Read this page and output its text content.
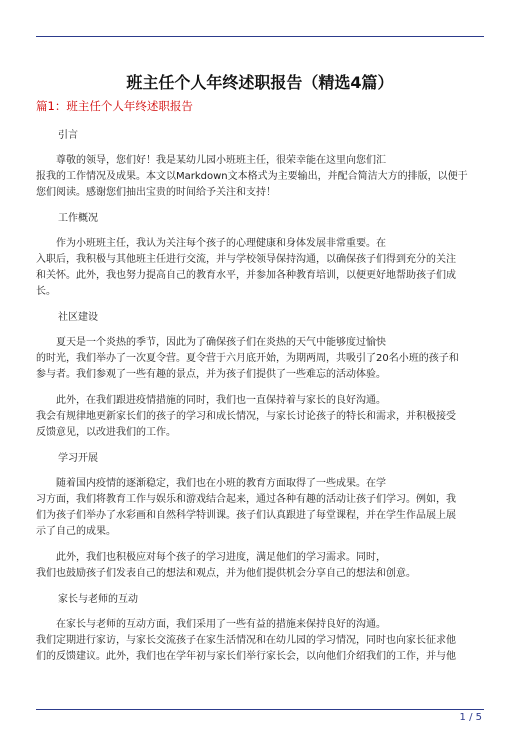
班主任个人年终述职报告（精选4篇）
篇1：班主任个人年终述职报告
引言
尊敬的领导，您们好！我是某幼儿园小班班主任，很荣幸能在这里向您们汇
报我的工作情况及成果。本文以Markdown文本格式为主要输出，并配合简洁大方的排版，以便于
您们阅读。感谢您们抽出宝贵的时间给予关注和支持！
工作概况
作为小班班主任，我认为关注每个孩子的心理健康和身体发展非常重要。在
入职后，我积极与其他班主任进行交流，并与学校领导保持沟通，以确保孩子们得到充分的关注
和关怀。此外，我也努力提高自己的教育水平，并参加各种教育培训，以便更好地帮助孩子们成
长。
社区建设
夏天是一个炎热的季节，因此为了确保孩子们在炎热的天气中能够度过愉快
的时光，我们举办了一次夏令营。夏令营于六月底开始，为期两周，共吸引了20名小班的孩子和
参与者。我们参观了一些有趣的景点，并为孩子们提供了一些难忘的活动体验。
此外，在我们跟进疫情措施的同时，我们也一直保持着与家长的良好沟通。
我会有规律地更新家长们的孩子的学习和成长情况，与家长讨论孩子的特长和需求，并积极接受
反馈意见，以改进我们的工作。
学习开展
随着国内疫情的逐渐稳定，我们也在小班的教育方面取得了一些成果。在学
习方面，我们将教育工作与娱乐和游戏结合起来，通过各种有趣的活动让孩子们学习。例如，我
们为孩子们举办了水彩画和自然科学特训课。孩子们认真跟进了每堂课程，并在学生作品展上展
示了自己的成果。
此外，我们也积极应对每个孩子的学习进度，满足他们的学习需求。同时，
我们也鼓励孩子们发表自己的想法和观点，并为他们提供机会分享自己的想法和创意。
家长与老师的互动
在家长与老师的互动方面，我们采用了一些有益的措施来保持良好的沟通。
我们定期进行家访，与家长交流孩子在家生活情况和在幼儿园的学习情况，同时也向家长征求他
们的反馈建议。此外，我们也在学年初与家长们举行家长会，以向他们介绍我们的工作，并与他
1 / 5
